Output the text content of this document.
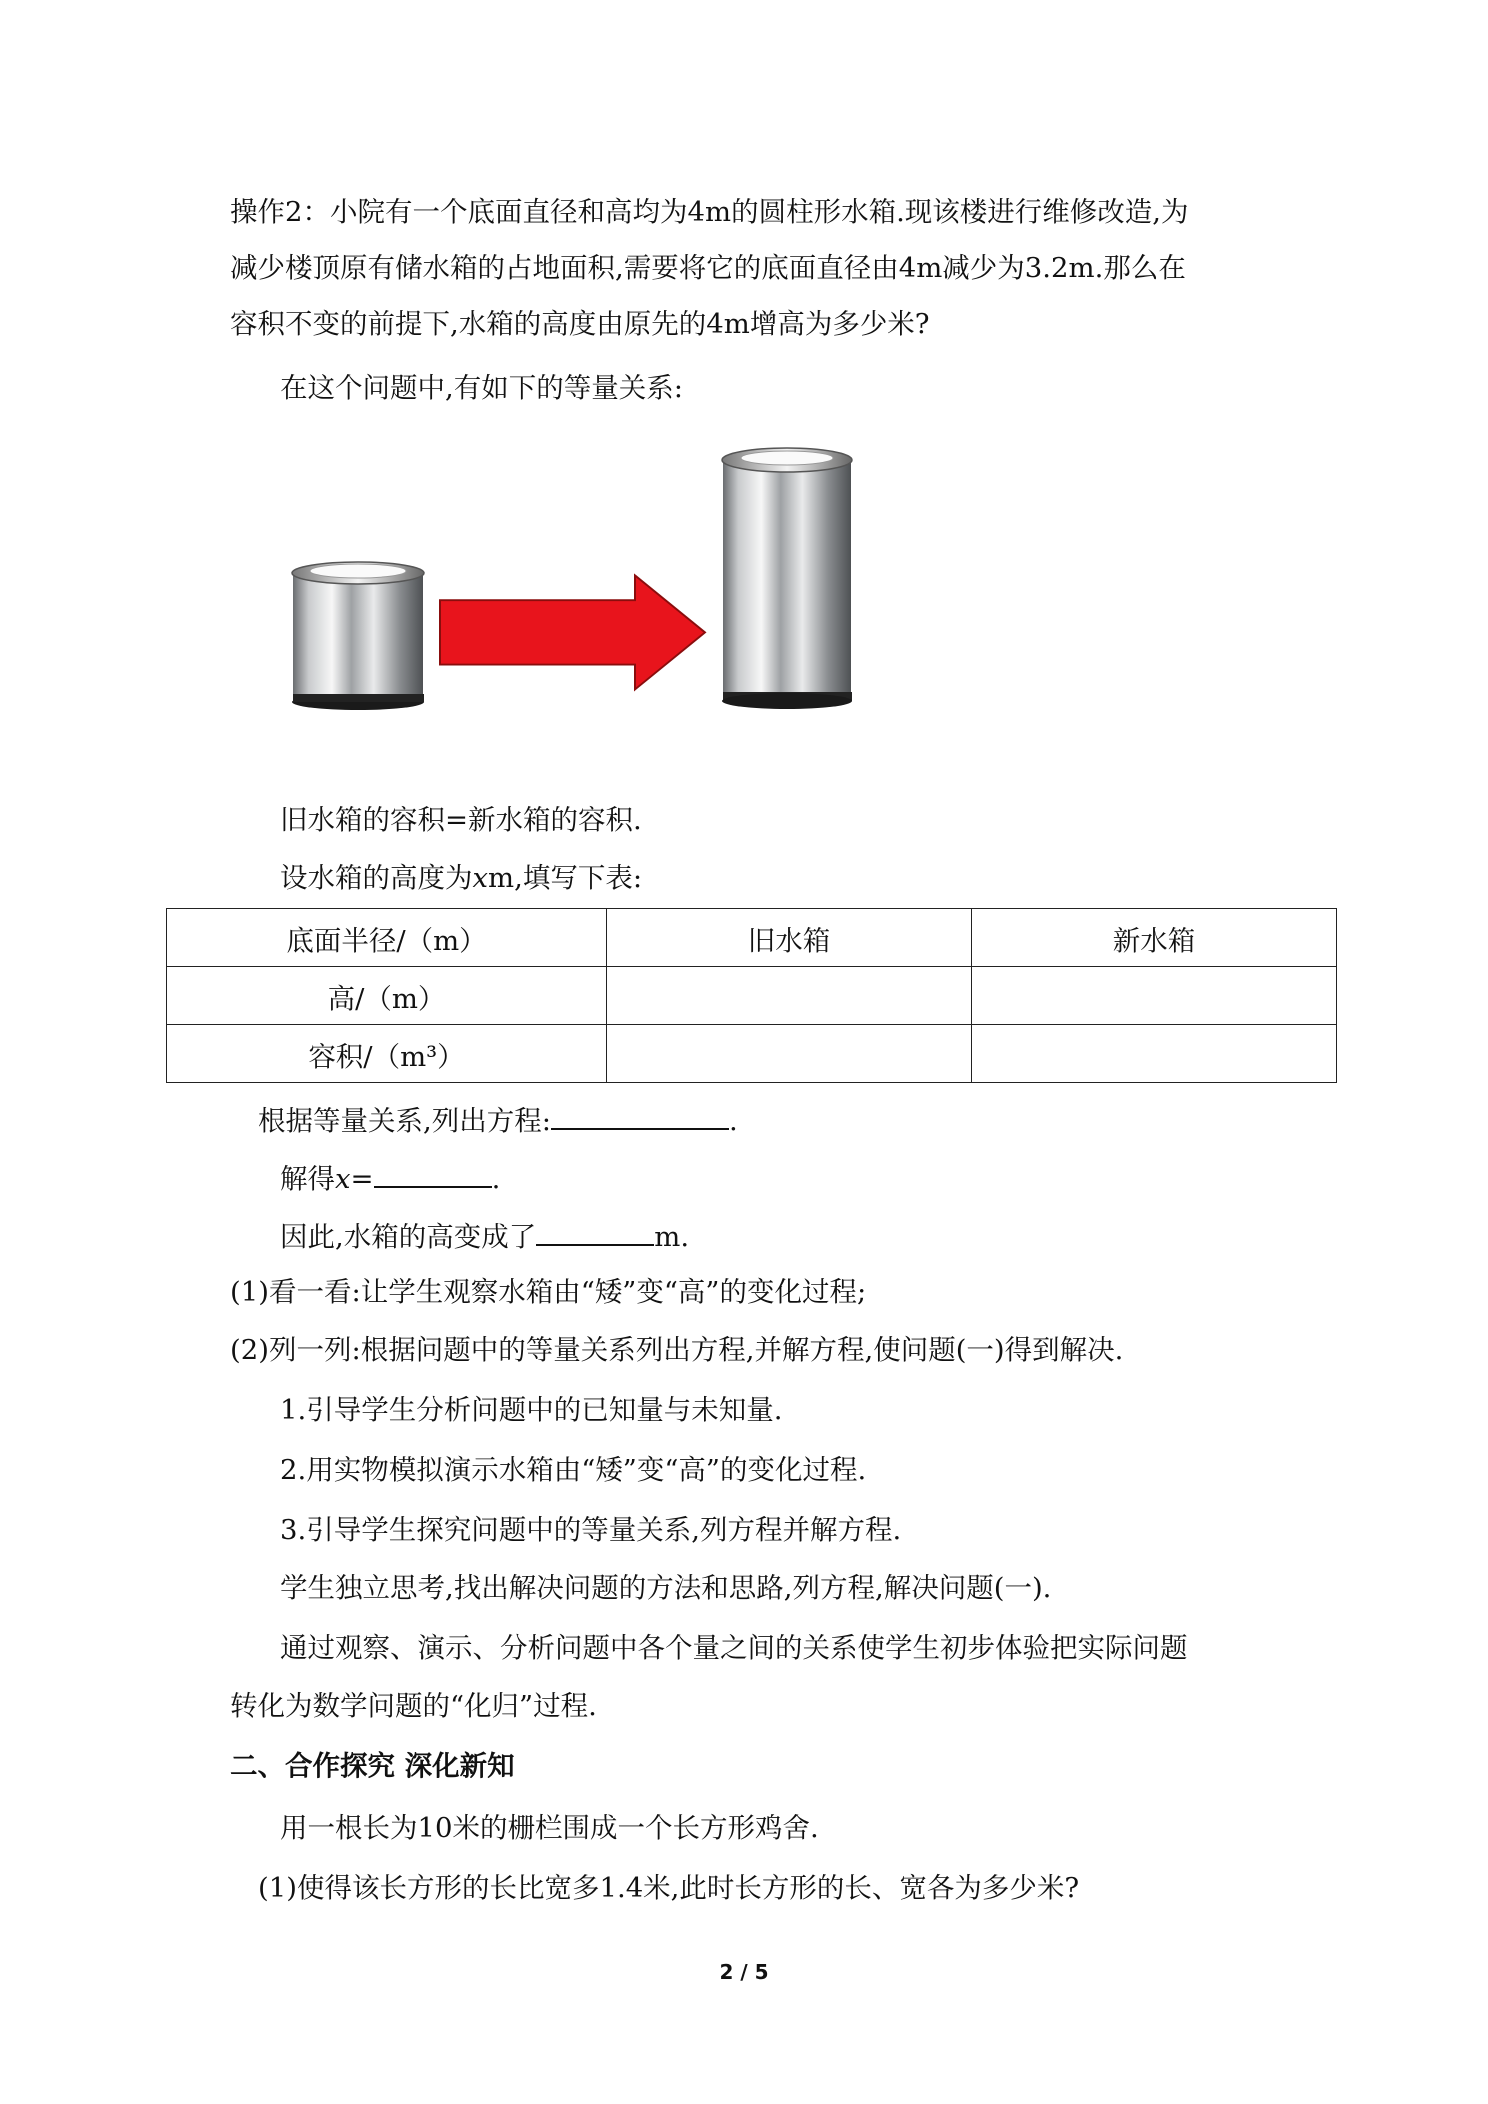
操作2：小院有一个底面直径和高均为4m的圆柱形水箱.现该楼进行维修改造,为
减少楼顶原有储水箱的占地面积,需要将它的底面直径由4m减少为3.2m.那么在
容积不变的前提下,水箱的高度由原先的4m增高为多少米?
在这个问题中,有如下的等量关系:
旧水箱的容积=新水箱的容积.
设水箱的高度为xm,填写下表:
底面半径/（m）	旧水箱	新水箱
高/（m）		
容积/（m³）		
根据等量关系,列出方程:	.
解得x=	.
因此,水箱的高变成了	m.
(1)看一看:让学生观察水箱由“矮”变“高”的变化过程;
(2)列一列:根据问题中的等量关系列出方程,并解方程,使问题(一)得到解决.
1.引导学生分析问题中的已知量与未知量.
2.用实物模拟演示水箱由“矮”变“高”的变化过程.
3.引导学生探究问题中的等量关系,列方程并解方程.
学生独立思考,找出解决问题的方法和思路,列方程,解决问题(一).
通过观察、演示、分析问题中各个量之间的关系使学生初步体验把实际问题
转化为数学问题的“化归”过程.
二、合作探究 深化新知
用一根长为10米的栅栏围成一个长方形鸡舍.
(1)使得该长方形的长比宽多1.4米,此时长方形的长、宽各为多少米?
2 / 5
